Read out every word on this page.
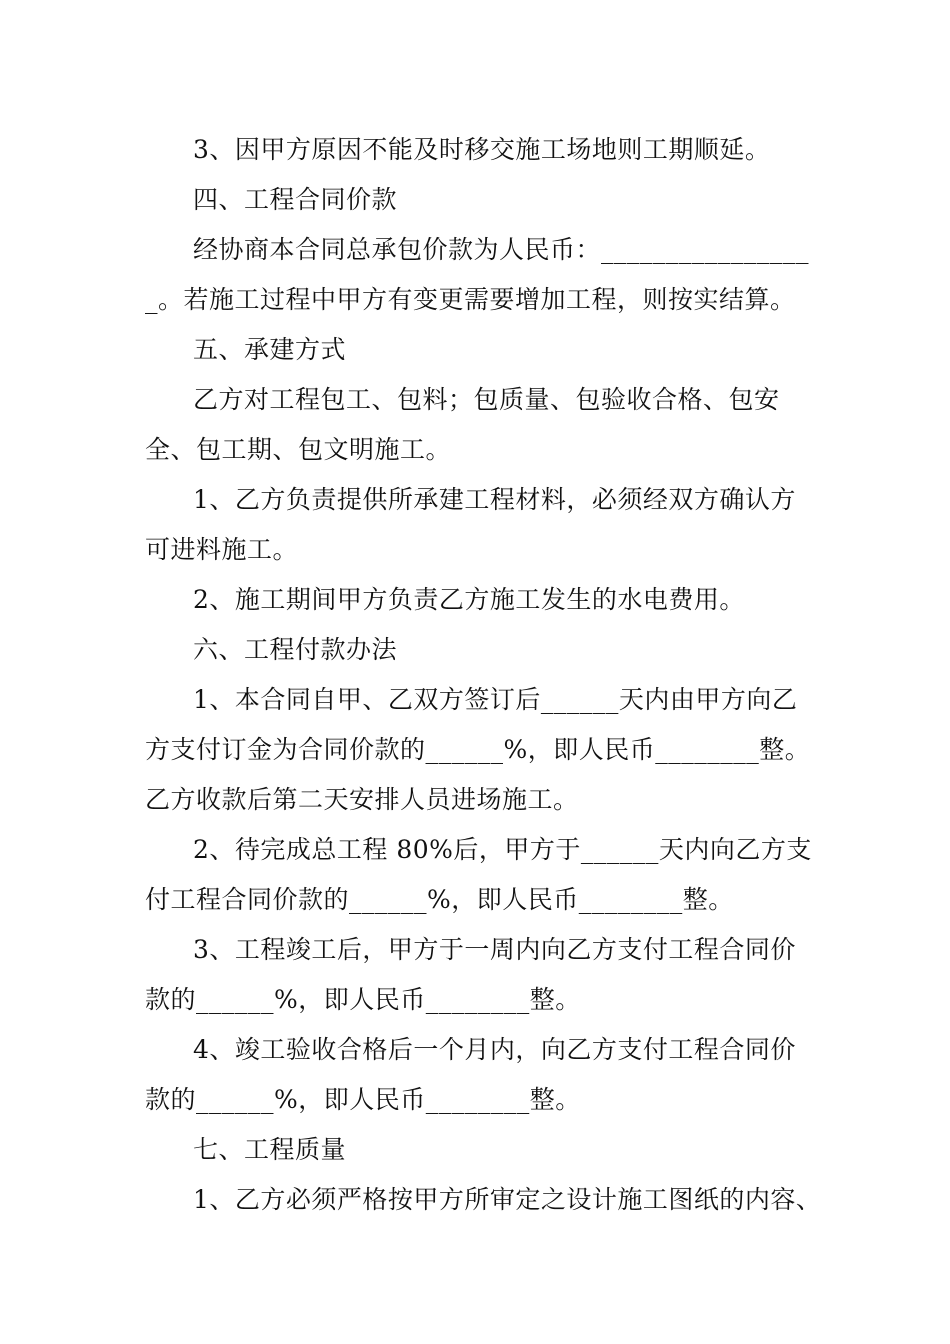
3、因甲方原因不能及时移交施工场地则工期顺延。
四、工程合同价款
经协商本合同总承包价款为人民币：________________
_。若施工过程中甲方有变更需要增加工程，则按实结算。
五、承建方式
乙方对工程包工、包料；包质量、包验收合格、包安
全、包工期、包文明施工。
1、乙方负责提供所承建工程材料，必须经双方确认方
可进料施工。
2、施工期间甲方负责乙方施工发生的水电费用。
六、工程付款办法
1、本合同自甲、乙双方签订后______天内由甲方向乙
方支付订金为合同价款的______%，即人民币________整。
乙方收款后第二天安排人员进场施工。
2、待完成总工程 80%后，甲方于______天内向乙方支
付工程合同价款的______%，即人民币________整。
3、工程竣工后，甲方于一周内向乙方支付工程合同价
款的______%，即人民币________整。
4、竣工验收合格后一个月内，向乙方支付工程合同价
款的______%，即人民币________整。
七、工程质量
1、乙方必须严格按甲方所审定之设计施工图纸的内容、
